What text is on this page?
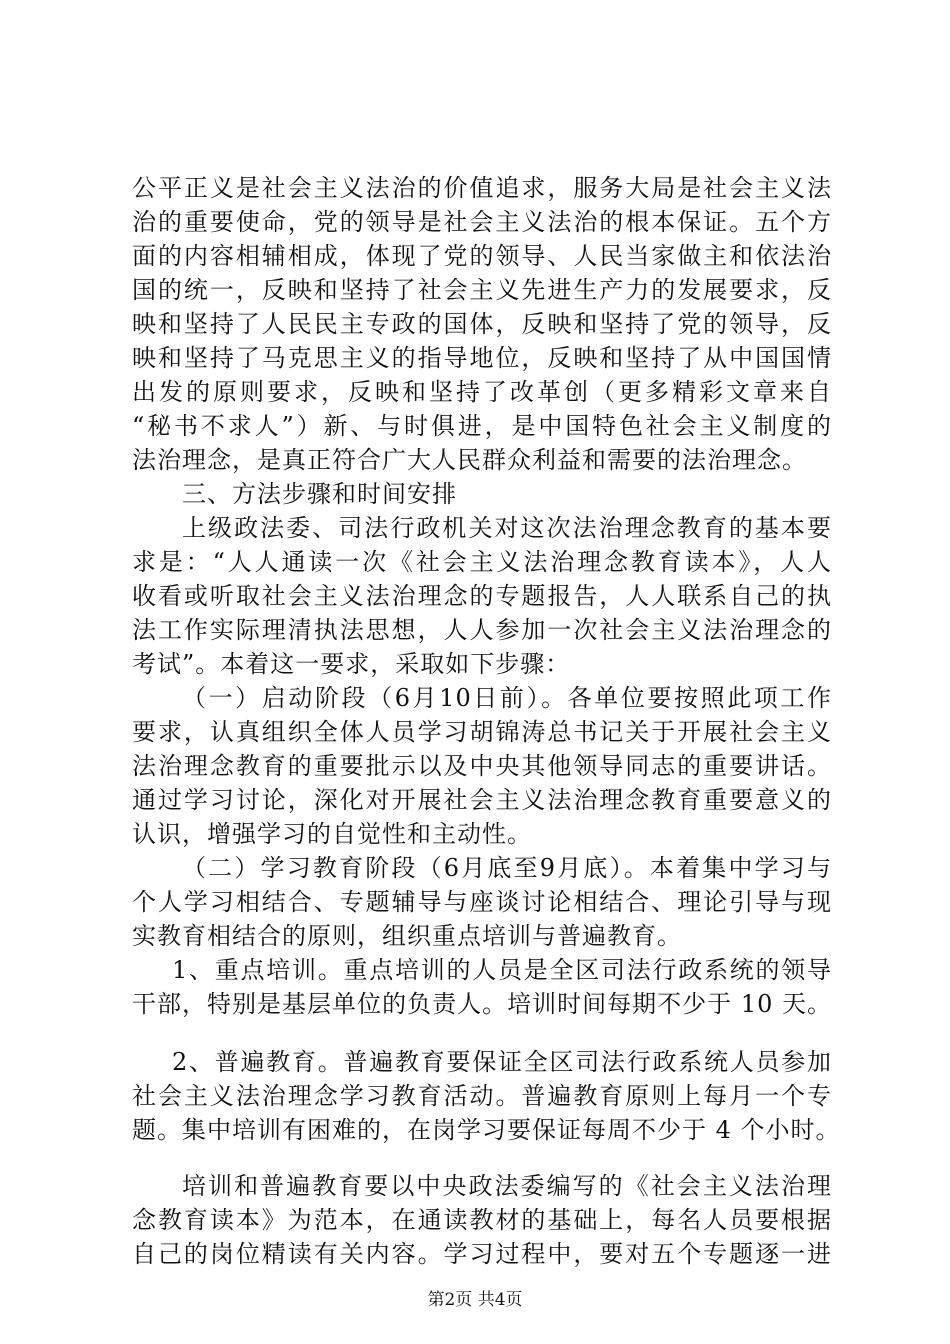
公平正义是社会主义法治的价值追求，服务大局是社会主义法
治的重要使命，党的领导是社会主义法治的根本保证。五个方
面的内容相辅相成，体现了党的领导、人民当家做主和依法治
国的统一，反映和坚持了社会主义先进生产力的发展要求，反
映和坚持了人民民主专政的国体，反映和坚持了党的领导，反
映和坚持了马克思主义的指导地位，反映和坚持了从中国国情
出发的原则要求，反映和坚持了改革创（更多精彩文章来自
“秘书不求人”）新、与时俱进，是中国特色社会主义制度的
法治理念，是真正符合广大人民群众利益和需要的法治理念。
三、方法步骤和时间安排
上级政法委、司法行政机关对这次法治理念教育的基本要
求是：“人人通读一次《社会主义法治理念教育读本》，人人
收看或听取社会主义法治理念的专题报告，人人联系自己的执
法工作实际理清执法思想，人人参加一次社会主义法治理念的
考试”。本着这一要求，采取如下步骤：
（一）启动阶段（6月10日前）。各单位要按照此项工作
要求，认真组织全体人员学习胡锦涛总书记关于开展社会主义
法治理念教育的重要批示以及中央其他领导同志的重要讲话。
通过学习讨论，深化对开展社会主义法治理念教育重要意义的
认识，增强学习的自觉性和主动性。
（二）学习教育阶段（6月底至9月底）。本着集中学习与
个人学习相结合、专题辅导与座谈讨论相结合、理论引导与现
实教育相结合的原则，组织重点培训与普遍教育。
1、重点培训。重点培训的人员是全区司法行政系统的领导
干部，特别是基层单位的负责人。培训时间每期不少于 10 天。
2、普遍教育。普遍教育要保证全区司法行政系统人员参加
社会主义法治理念学习教育活动。普遍教育原则上每月一个专
题。集中培训有困难的，在岗学习要保证每周不少于 4 个小时。
第2页 共4页
培训和普遍教育要以中央政法委编写的《社会主义法治理
念教育读本》为范本，在通读教材的基础上，每名人员要根据
自己的岗位精读有关内容。学习过程中，要对五个专题逐一进
